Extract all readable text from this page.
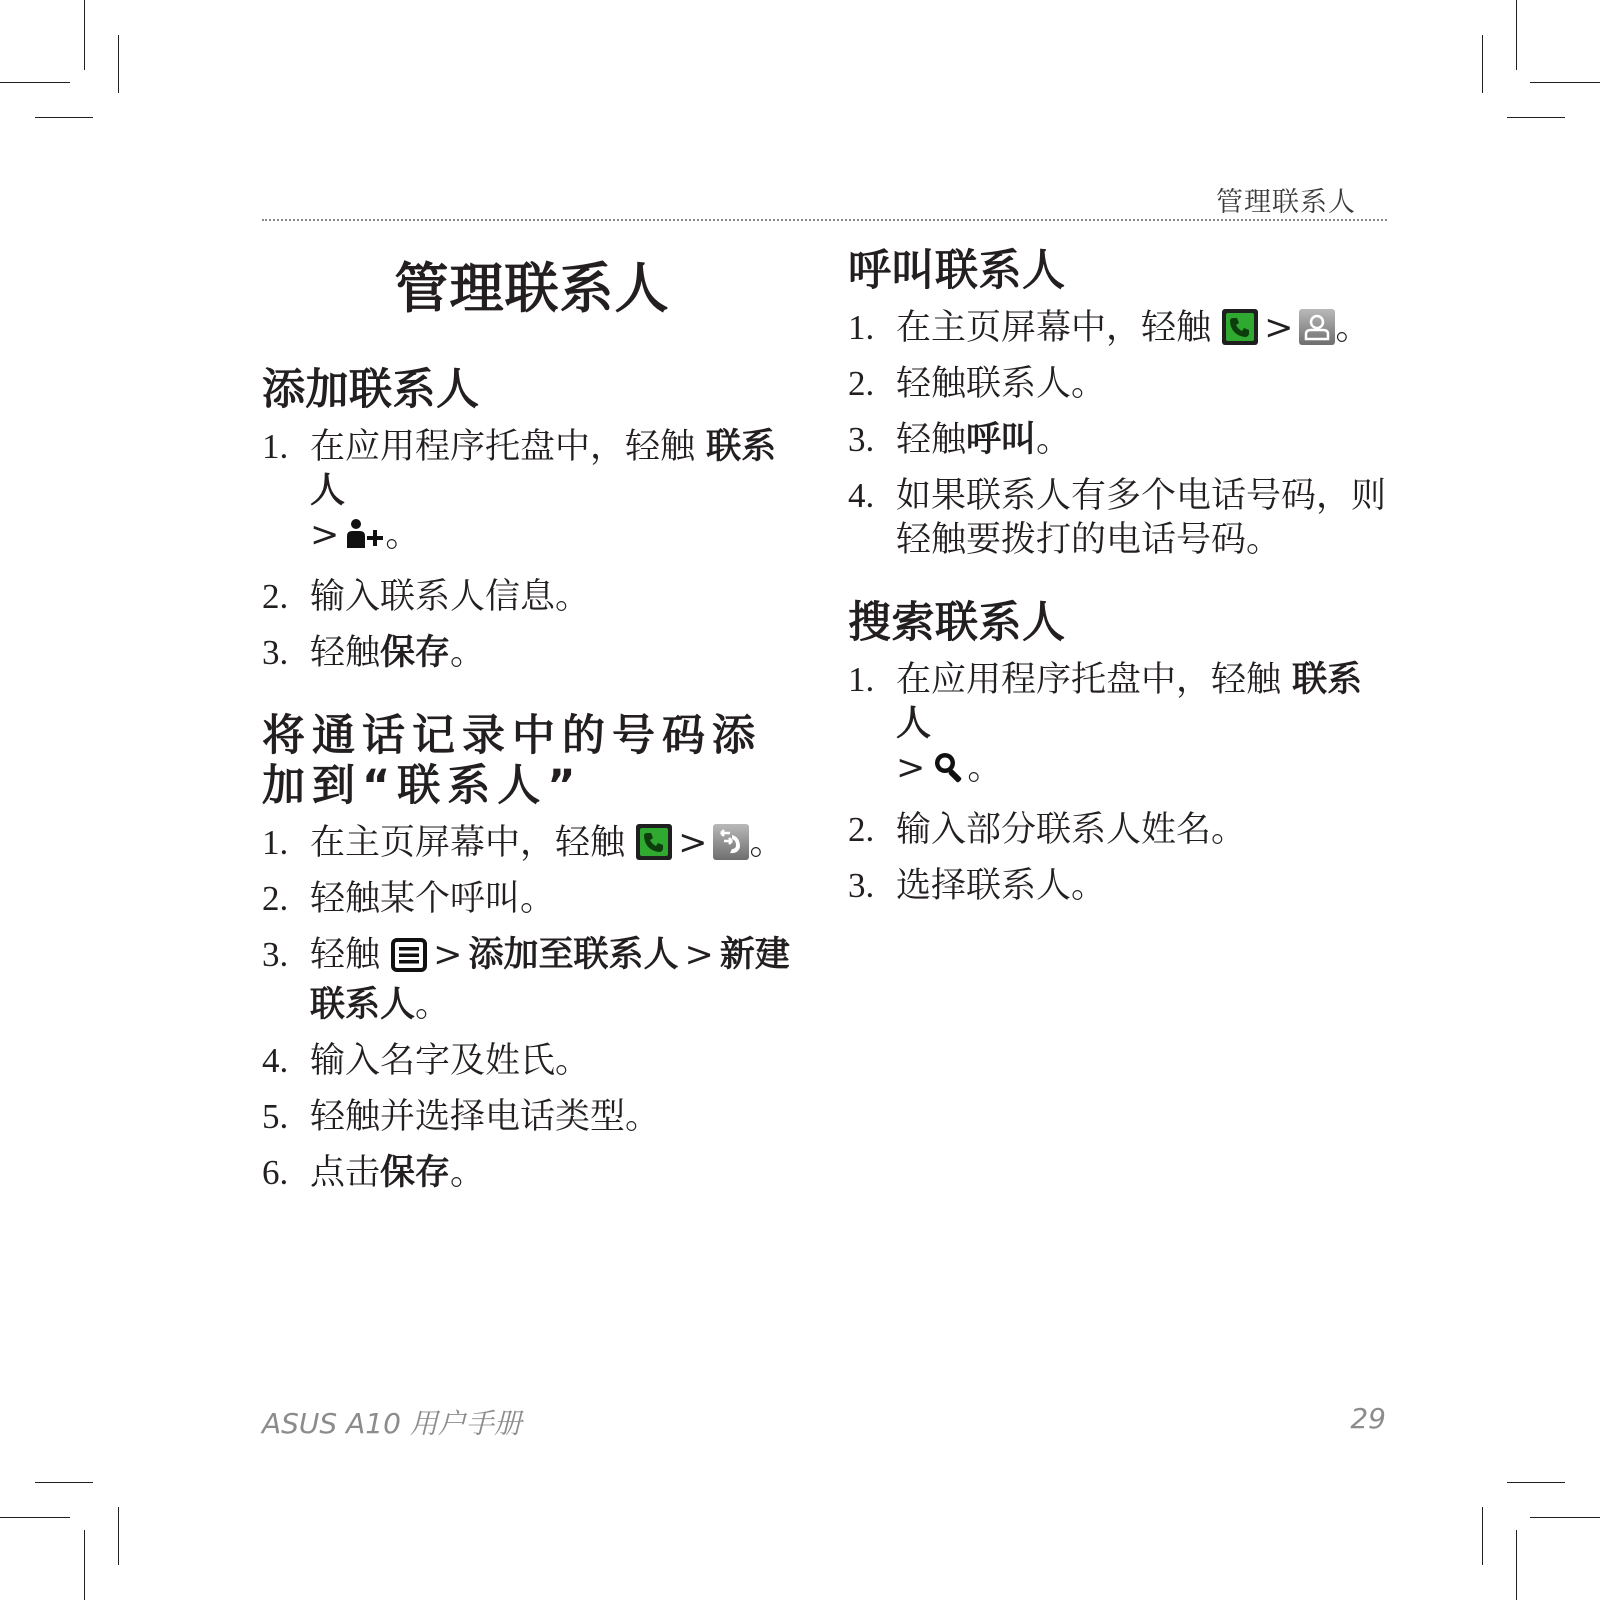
管理联系人
管理联系人
添加联系人
1. 在应用程序托盘中，轻触 联系人
> 。
2. 输入联系人信息。
3. 轻触保存。
将通话记录中的号码添加到“联系人”
1. 在主页屏幕中，轻触
> 。
2. 轻触某个呼叫。
3. 轻触 > 添加至联系人 > 新建联系人。
4. 输入名字及姓氏。
5. 轻触并选择电话类型。
6. 点击保存。
呼叫联系人
1. 在主页屏幕中，轻触
> 。
2. 轻触联系人。
3. 轻触呼叫。
4. 如果联系人有多个电话号码，则轻触要拨打的电话号码。
搜索联系人
1. 在应用程序托盘中，轻触 联系人
> 。
2. 输入部分联系人姓名。
3. 选择联系人。
ASUS A10 用户手册	29
